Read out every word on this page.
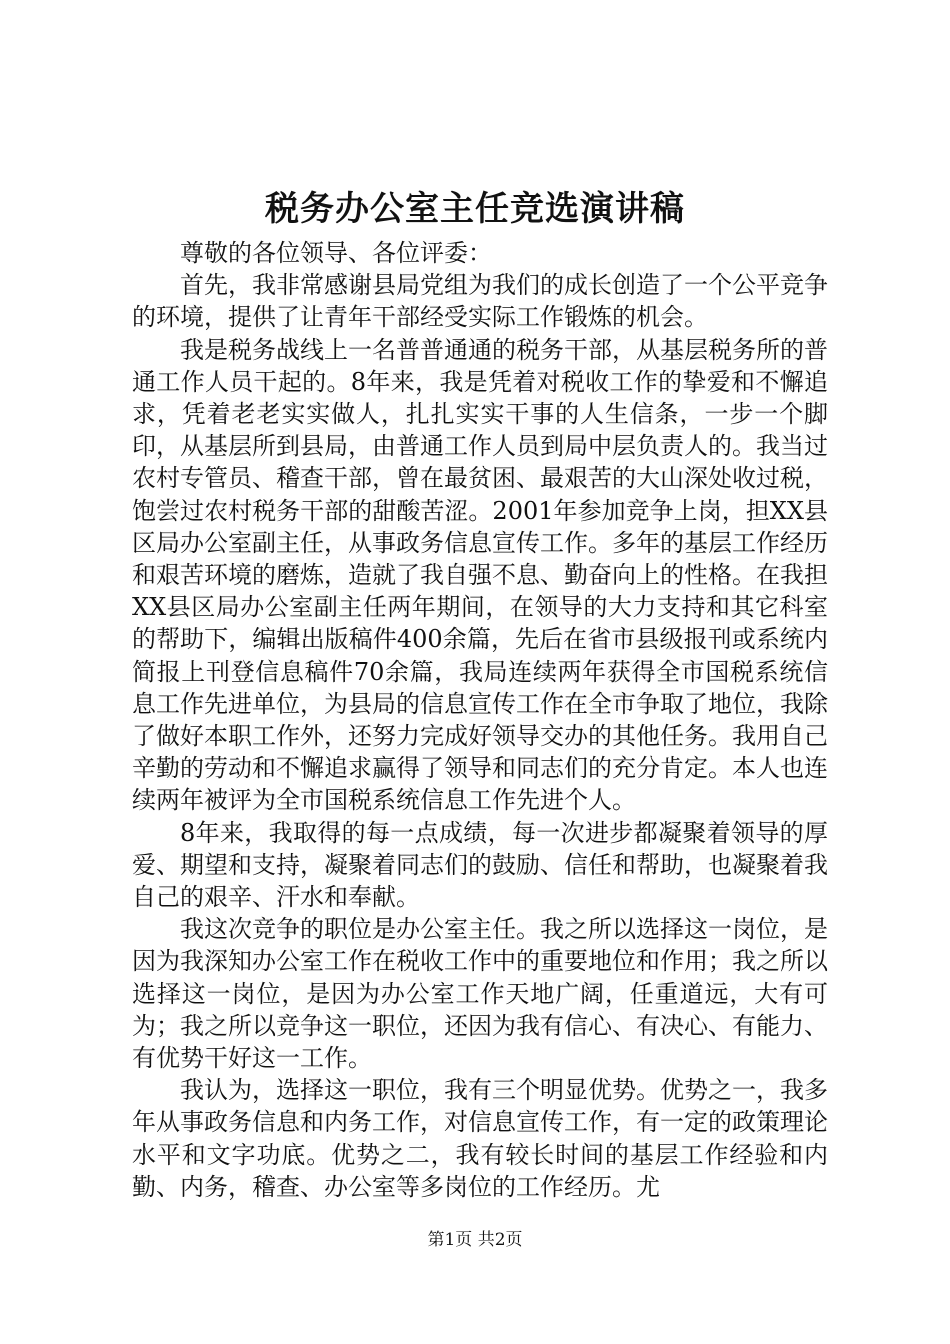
税务办公室主任竞选演讲稿

尊敬的各位领导、各位评委：

首先，我非常感谢县局党组为我们的成长创造了一个公平竞争的环境，提供了让青年干部经受实际工作锻炼的机会。

我是税务战线上一名普普通通的税务干部，从基层税务所的普通工作人员干起的。8年来，我是凭着对税收工作的挚爱和不懈追求，凭着老老实实做人，扎扎实实干事的人生信条，一步一个脚印，从基层所到县局，由普通工作人员到局中层负责人的。我当过农村专管员、稽查干部，曾在最贫困、最艰苦的大山深处收过税，饱尝过农村税务干部的甜酸苦涩。2001年参加竞争上岗，担XX县区局办公室副主任，从事政务信息宣传工作。多年的基层工作经历和艰苦环境的磨炼，造就了我自强不息、勤奋向上的性格。在我担XX县区局办公室副主任两年期间，在领导的大力支持和其它科室的帮助下，编辑出版稿件400余篇，先后在省市县级报刊或系统内简报上刊登信息稿件70余篇，我局连续两年获得全市国税系统信息工作先进单位，为县局的信息宣传工作在全市争取了地位，我除了做好本职工作外，还努力完成好领导交办的其他任务。我用自己辛勤的劳动和不懈追求赢得了领导和同志们的充分肯定。本人也连续两年被评为全市国税系统信息工作先进个人。

8年来，我取得的每一点成绩，每一次进步都凝聚着领导的厚爱、期望和支持，凝聚着同志们的鼓励、信任和帮助，也凝聚着我自己的艰辛、汗水和奉献。

我这次竞争的职位是办公室主任。我之所以选择这一岗位，是因为我深知办公室工作在税收工作中的重要地位和作用；我之所以选择这一岗位，是因为办公室工作天地广阔，任重道远，大有可为；我之所以竞争这一职位，还因为我有信心、有决心、有能力、有优势干好这一工作。

我认为，选择这一职位，我有三个明显优势。优势之一，我多年从事政务信息和内务工作，对信息宣传工作，有一定的政策理论水平和文字功底。优势之二，我有较长时间的基层工作经验和内勤、内务，稽查、办公室等多岗位的工作经历。尤

第1页 共2页
